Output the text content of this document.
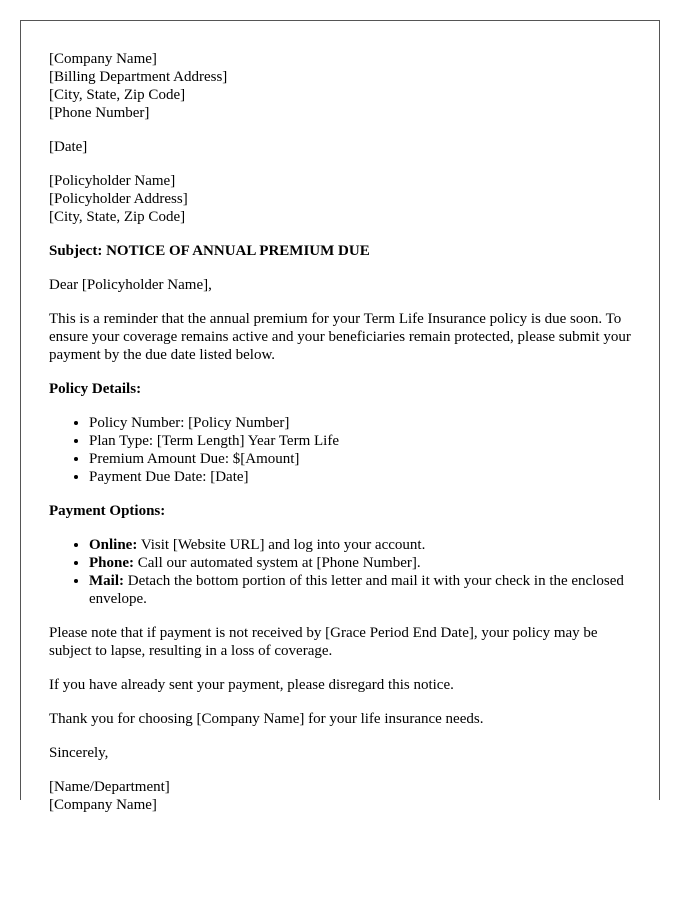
[Company Name]
[Billing Department Address]
[City, State, Zip Code]
[Phone Number]

[Date]

[Policyholder Name]
[Policyholder Address]
[City, State, Zip Code]

Subject: NOTICE OF ANNUAL PREMIUM DUE

Dear [Policyholder Name],

This is a reminder that the annual premium for your Term Life Insurance policy is due soon. To ensure your coverage remains active and your beneficiaries remain protected, please submit your payment by the due date listed below.

Policy Details:

• Policy Number: [Policy Number]
• Plan Type: [Term Length] Year Term Life
• Premium Amount Due: $[Amount]
• Payment Due Date: [Date]

Payment Options:

• Online: Visit [Website URL] and log into your account.
• Phone: Call our automated system at [Phone Number].
• Mail: Detach the bottom portion of this letter and mail it with your check in the enclosed envelope.

Please note that if payment is not received by [Grace Period End Date], your policy may be subject to lapse, resulting in a loss of coverage.

If you have already sent your payment, please disregard this notice.

Thank you for choosing [Company Name] for your life insurance needs.

Sincerely,

[Name/Department]
[Company Name]
